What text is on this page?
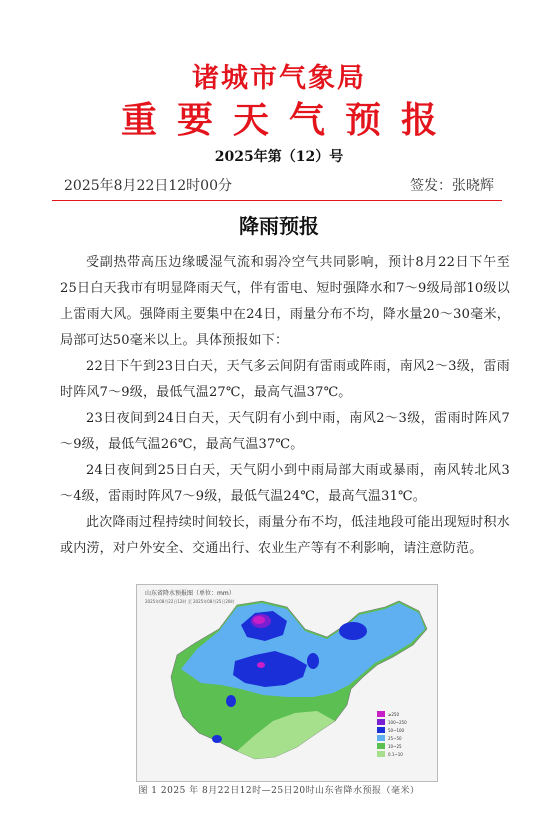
诸城市气象局
重要天气预报
2025年第（12）号
2025年8月22日12时00分	签发：张晓辉
降雨预报

受副热带高压边缘暖湿气流和弱冷空气共同影响，预计8月22日下午至25日白天我市有明显降雨天气，伴有雷电、短时强降水和7～9级局部10级以上雷雨大风。强降雨主要集中在24日，雨量分布不均，降水量20～30毫米，局部可达50毫米以上。具体预报如下：

22日下午到23日白天，天气多云间阴有雷雨或阵雨，南风2～3级，雷雨时阵风7～9级，最低气温27℃，最高气温37℃。

23日夜间到24日白天，天气阴有小到中雨，南风2～3级，雷雨时阵风7～9级，最低气温26℃，最高气温37℃。

24日夜间到25日白天，天气阴小到中雨局部大雨或暴雨，南风转北风3～4级，雷雨时阵风7～9级，最低气温24℃，最高气温31℃。

此次降雨过程持续时间较长，雨量分布不均，低洼地段可能出现短时积水或内涝，对户外安全、交通出行、农业生产等有不利影响，请注意防范。

山东省降水预报图（单位：mm）
2025年08月22日12时 至 2025年08月25日20时
≥250
100~250
50~100
25~50
10~25
0.1~10
图 1 2025 年 8月22日12时—25日20时山东省降水预报（毫米）
